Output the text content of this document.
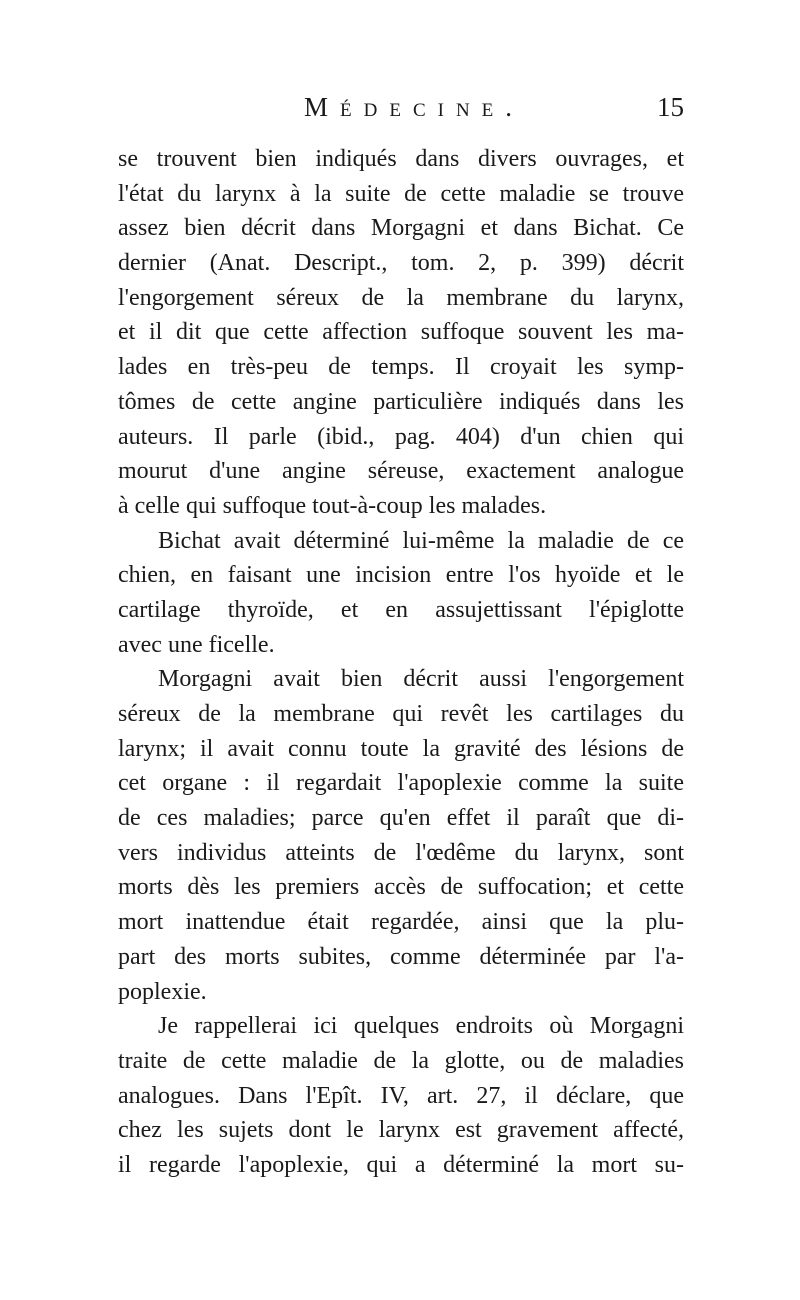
Médecine.	15
se trouvent bien indiqués dans divers ouvrages, et
l'état du larynx à la suite de cette maladie se trouve
assez bien décrit dans Morgagni et dans Bichat. Ce
dernier (Anat. Descript., tom. 2, p. 399) décrit
l'engorgement séreux de la membrane du larynx,
et il dit que cette affection suffoque souvent les ma-
lades en très-peu de temps. Il croyait les symp-
tômes de cette angine particulière indiqués dans les
auteurs. Il parle (ibid., pag. 404) d'un chien qui
mourut d'une angine séreuse, exactement analogue
à celle qui suffoque tout-à-coup les malades.
Bichat avait déterminé lui-même la maladie de ce
chien, en faisant une incision entre l'os hyoïde et le
cartilage thyroïde, et en assujettissant l'épiglotte
avec une ficelle.
Morgagni avait bien décrit aussi l'engorgement
séreux de la membrane qui revêt les cartilages du
larynx; il avait connu toute la gravité des lésions de
cet organe : il regardait l'apoplexie comme la suite
de ces maladies; parce qu'en effet il paraît que di-
vers individus atteints de l'œdême du larynx, sont
morts dès les premiers accès de suffocation; et cette
mort inattendue était regardée, ainsi que la plu-
part des morts subites, comme déterminée par l'a-
poplexie.
Je rappellerai ici quelques endroits où Morgagni
traite de cette maladie de la glotte, ou de maladies
analogues. Dans l'Epît. IV, art. 27, il déclare, que
chez les sujets dont le larynx est gravement affecté,
il regarde l'apoplexie, qui a déterminé la mort su-
